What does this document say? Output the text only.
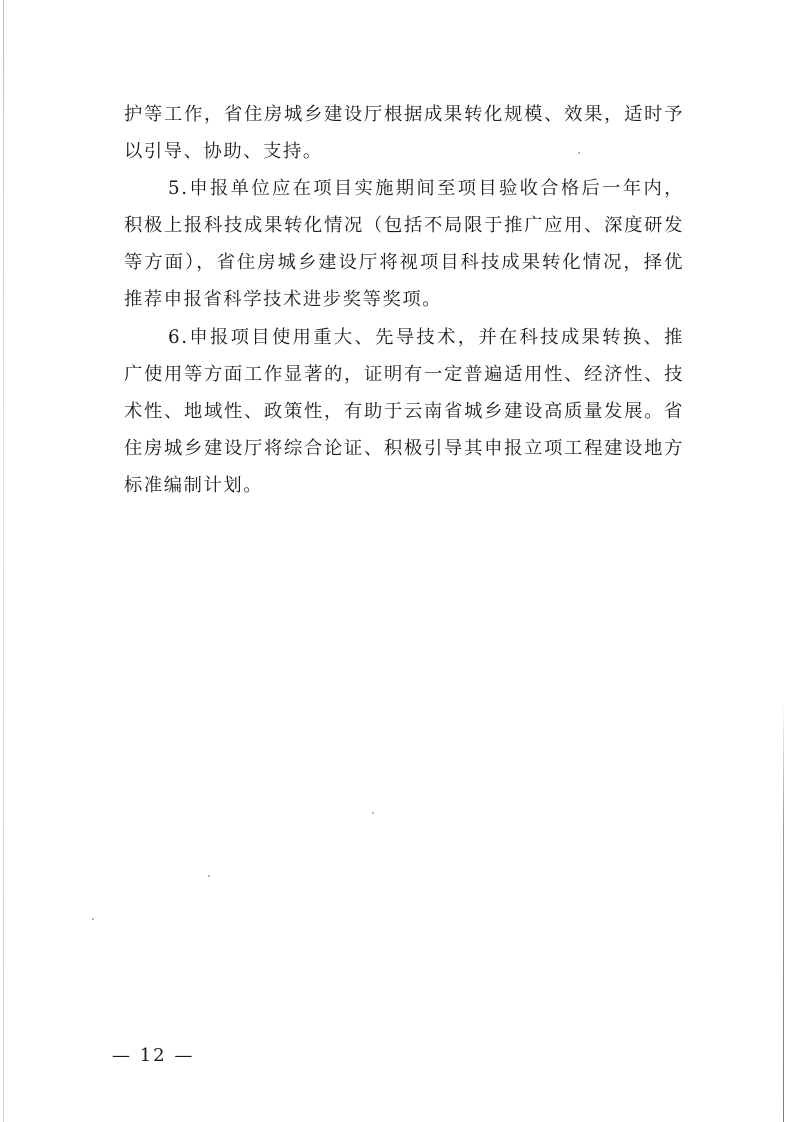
护等工作，省住房城乡建设厅根据成果转化规模、效果，适时予以引导、协助、支持。

5.申报单位应在项目实施期间至项目验收合格后一年内，积极上报科技成果转化情况（包括不局限于推广应用、深度研发等方面），省住房城乡建设厅将视项目科技成果转化情况，择优推荐申报省科学技术进步奖等奖项。

6.申报项目使用重大、先导技术，并在科技成果转换、推广使用等方面工作显著的，证明有一定普遍适用性、经济性、技术性、地域性、政策性，有助于云南省城乡建设高质量发展。省住房城乡建设厅将综合论证、积极引导其申报立项工程建设地方标准编制计划。

— 12 —
